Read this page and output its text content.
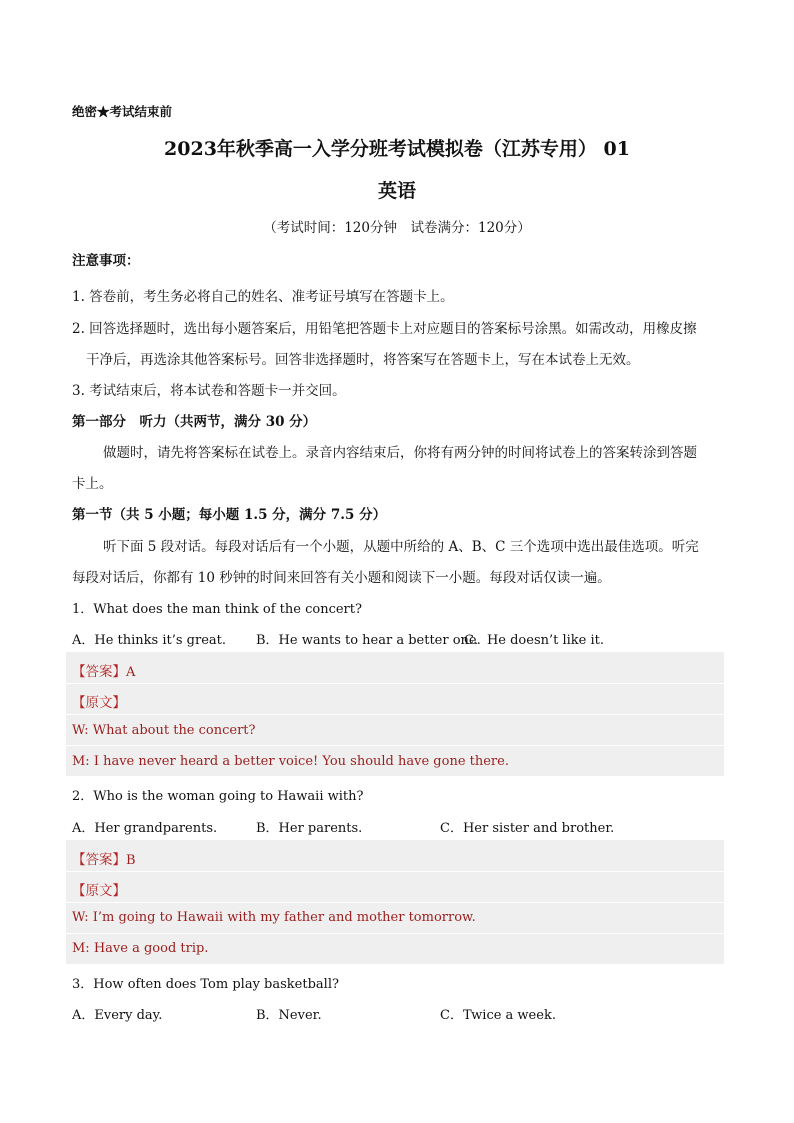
绝密★考试结束前
2023年秋季高一入学分班考试模拟卷（江苏专用） 01
英语
（考试时间：120分钟　试卷满分：120分）
注意事项：
1. 答卷前，考生务必将自己的姓名、准考证号填写在答题卡上。
2. 回答选择题时，选出每小题答案后，用铅笔把答题卡上对应题目的答案标号涂黑。如需改动，用橡皮擦
干净后，再选涂其他答案标号。回答非选择题时，将答案写在答题卡上，写在本试卷上无效。
3. 考试结束后，将本试卷和答题卡一并交回。
第一部分　听力（共两节，满分 30 分）
做题时，请先将答案标在试卷上。录音内容结束后，你将有两分钟的时间将试卷上的答案转涂到答题
卡上。
第一节（共 5 小题；每小题 1.5 分，满分 7.5 分）
听下面 5 段对话。每段对话后有一个小题，从题中所给的 A、B、C 三个选项中选出最佳选项。听完
每段对话后，你都有 10 秒钟的时间来回答有关小题和阅读下一小题。每段对话仅读一遍。
1．What does the man think of the concert?
A．He thinks it’s great. B．He wants to hear a better one.
C．He doesn’t like it.
【答案】A
【原文】
W: What about the concert?
M: I have never heard a better voice! You should have gone there.
2．Who is the woman going to Hawaii with?
A．Her grandparents.	B．Her parents.	C．Her sister and brother.
【答案】B
【原文】
W: I’m going to Hawaii with my father and mother tomorrow.
M: Have a good trip.
3．How often does Tom play basketball?
A．Every day.	B．Never.	C．Twice a week.
